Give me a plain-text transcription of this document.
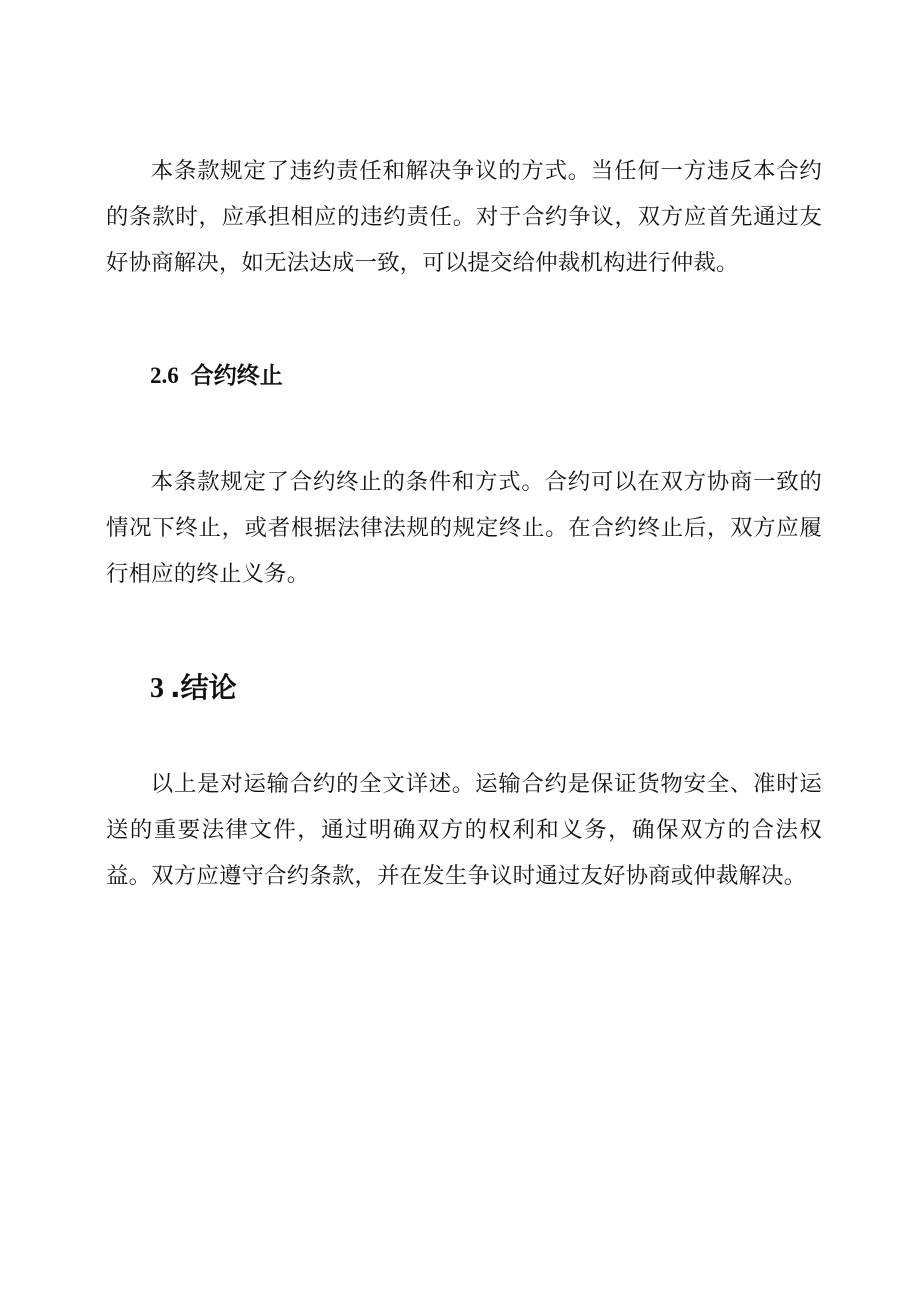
本条款规定了违约责任和解决争议的方式。当任何一方违反本合约的条款时，应承担相应的违约责任。对于合约争议，双方应首先通过友好协商解决，如无法达成一致，可以提交给仲裁机构进行仲裁。

2.6 合约终止

本条款规定了合约终止的条件和方式。合约可以在双方协商一致的情况下终止，或者根据法律法规的规定终止。在合约终止后，双方应履行相应的终止义务。

3 .结论

以上是对运输合约的全文详述。运输合约是保证货物安全、准时运送的重要法律文件，通过明确双方的权利和义务，确保双方的合法权益。双方应遵守合约条款，并在发生争议时通过友好协商或仲裁解决。
